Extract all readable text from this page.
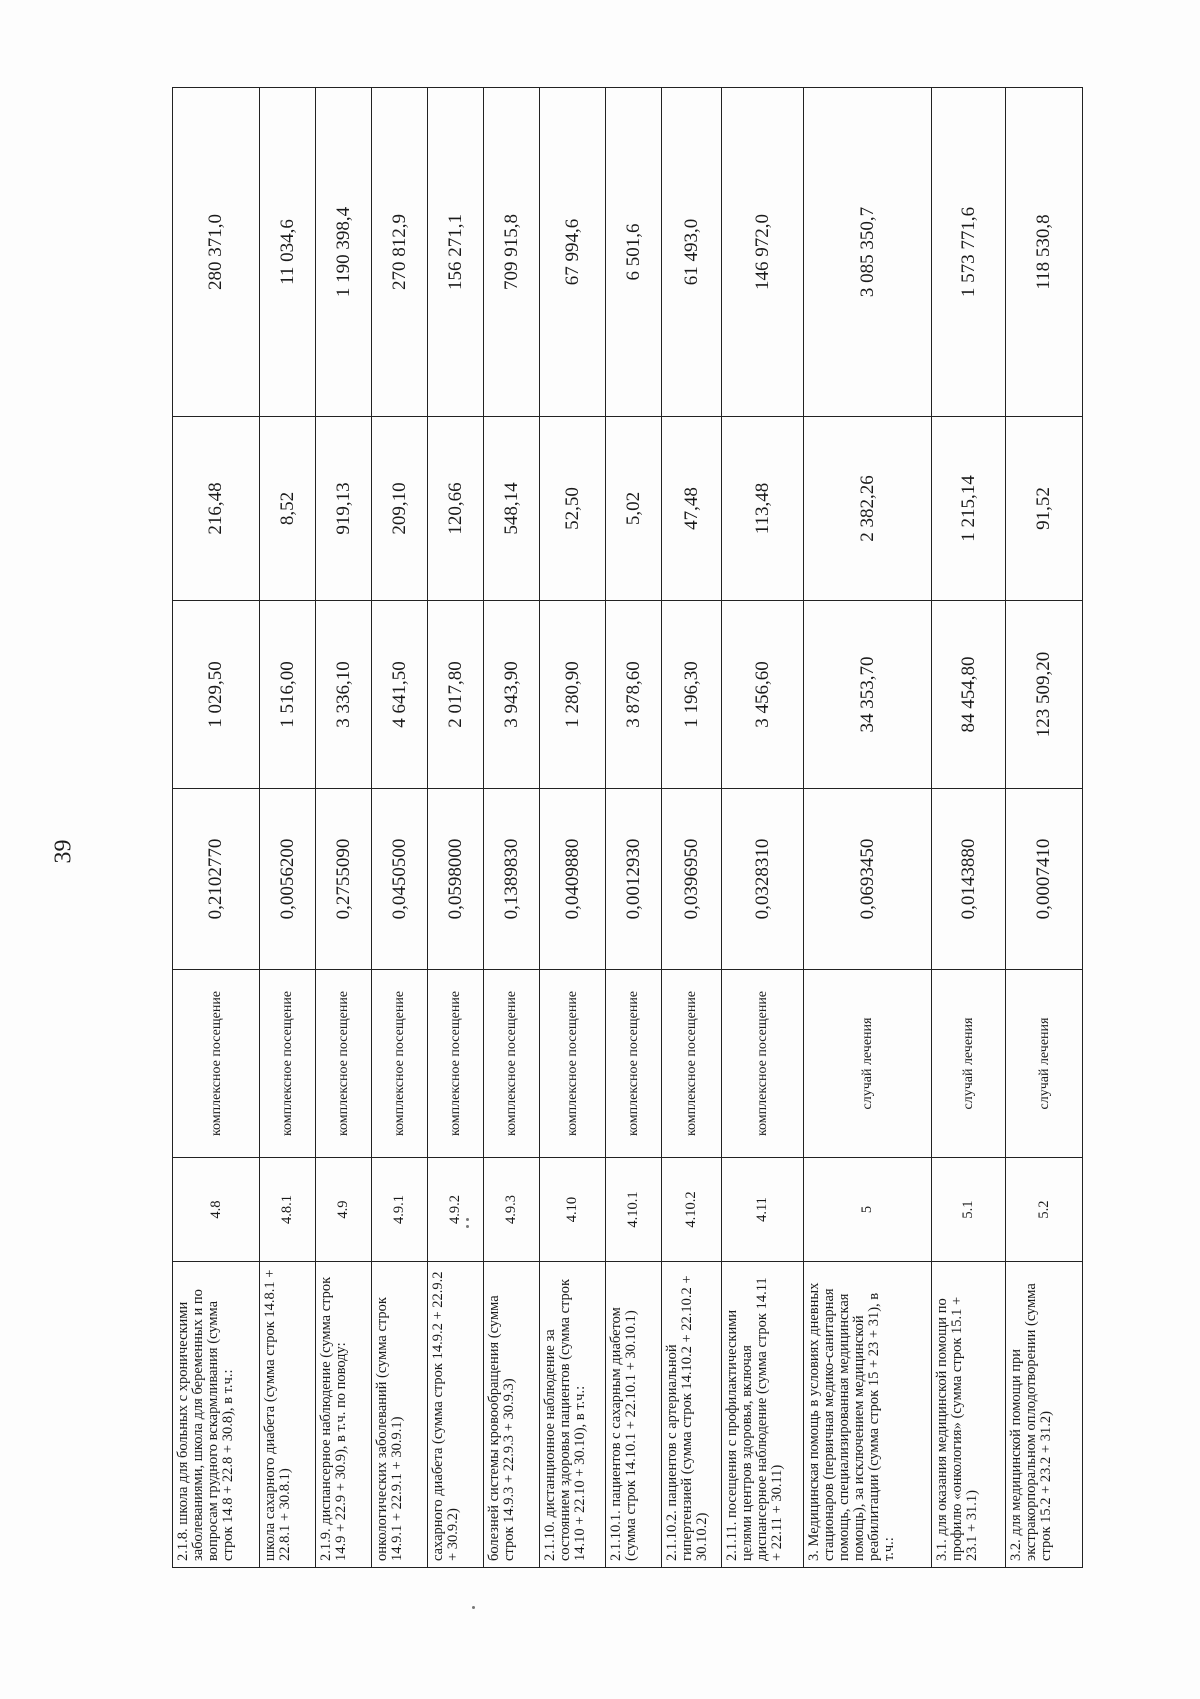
39
2.1.8. школа для больных с хроническими заболеваниями, школа для беременных и по вопросам грудного вскармливания (сумма строк 14.8 + 22.8 + 30.8), в т.ч.:	4.8	комплексное посещение	0,2102770	1 029,50	216,48	280 371,0
школа сахарного диабета (сумма строк 14.8.1 + 22.8.1 + 30.8.1)	4.8.1	комплексное посещение	0,0056200	1 516,00	8,52	11 034,6
2.1.9. диспансерное наблюдение (сумма строк 14.9 + 22.9 + 30.9), в т.ч. по поводу:	4.9	комплексное посещение	0,2755090	3 336,10	919,13	1 190 398,4
онкологических заболеваний (сумма строк 14.9.1 + 22.9.1 + 30.9.1)	4.9.1	комплексное посещение	0,0450500	4 641,50	209,10	270 812,9
сахарного диабета (сумма строк 14.9.2 + 22.9.2 + 30.9.2)	4.9.2	комплексное посещение	0,0598000	2 017,80	120,66	156 271,1
болезней системы кровообращения (сумма строк 14.9.3 + 22.9.3 + 30.9.3)	4.9.3	комплексное посещение	0,1389830	3 943,90	548,14	709 915,8
2.1.10. дистанционное наблюдение за состоянием здоровья пациентов (сумма строк 14.10 + 22.10 + 30.10), в т.ч.:	4.10	комплексное посещение	0,0409880	1 280,90	52,50	67 994,6
2.1.10.1. пациентов с сахарным диабетом (сумма строк 14.10.1 + 22.10.1 + 30.10.1)	4.10.1	комплексное посещение	0,0012930	3 878,60	5,02	6 501,6
2.1.10.2. пациентов с артериальной гипертензией (сумма строк 14.10.2 + 22.10.2 + 30.10.2)	4.10.2	комплексное посещение	0,0396950	1 196,30	47,48	61 493,0
2.1.11. посещения с профилактическими целями центров здоровья, включая диспансерное наблюдение (сумма строк 14.11 + 22.11 + 30.11)	4.11	комплексное посещение	0,0328310	3 456,60	113,48	146 972,0
3. Медицинская помощь в условиях дневных стационаров (первичная медико-санитарная помощь, специализированная медицинская помощь), за исключением медицинской реабилитации (сумма строк 15 + 23 + 31), в т.ч.:	5	случай лечения	0,0693450	34 353,70	2 382,26	3 085 350,7
3.1. для оказания медицинской помощи по профилю «онкология» (сумма строк 15.1 + 23.1 + 31.1)	5.1	случай лечения	0,0143880	84 454,80	1 215,14	1 573 771,6
3.2. для медицинской помощи при экстракорпоральном оплодотворении (сумма строк 15.2 + 23.2 + 31.2)	5.2	случай лечения	0,0007410	123 509,20	91,52	118 530,8
